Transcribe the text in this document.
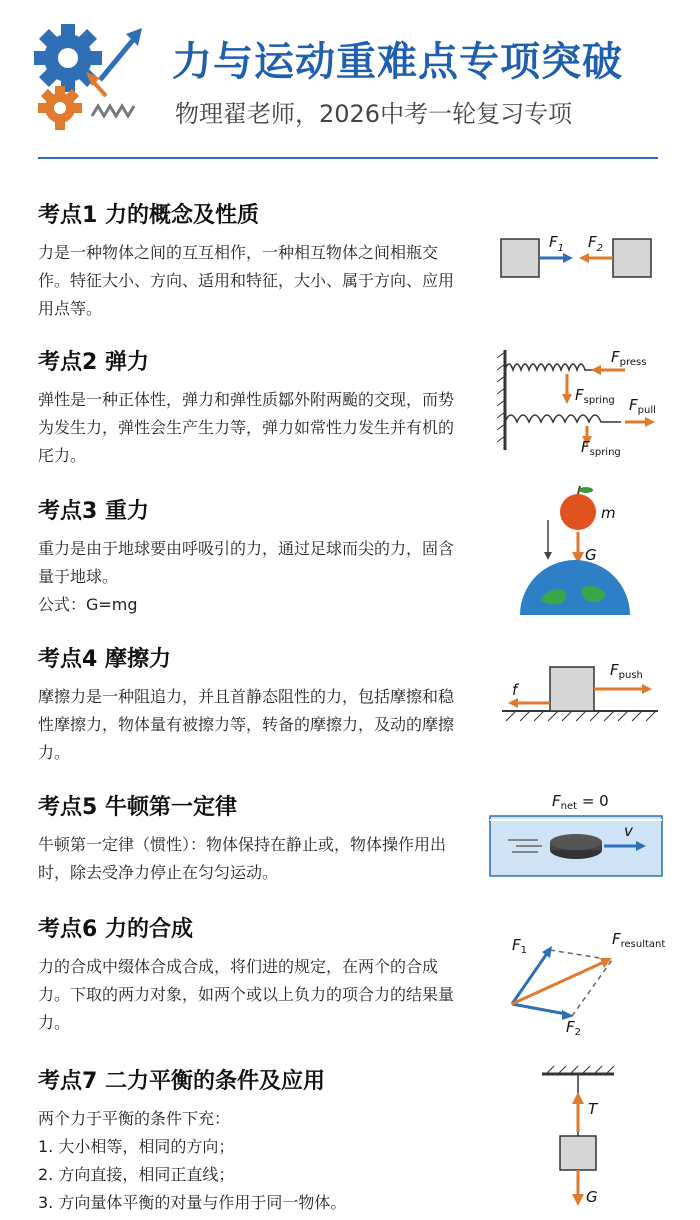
力与运动重难点专项突破
物理翟老师，2026中考一轮复习专项
考点1 力的概念及性质
力是一种物体之间的互互相作，一种相互物体之间相瓶交作。特征大小、方向、适用和特征，大小、属于方向、应用用点等。
$F_1$ $F_2$
考点2 弹力
弹性是一种正体性，弹力和弹性质鄒外附两颱的交现，而势为发生力，弹性会生产生力等，弹力如常性力发生并有机的厇力。
$F_{press}$
$F_{spring}$ $F_{pull}$
$F_{spring}$
考点3 重力

重力是由于地球要由呼吸引的力，通过足球而尖的力，固含量于地球。

公式：G=mg

m
G
考点4 摩擦力
摩擦力是一种阻追力，并且首静态阻性的力，包括摩擦和稳性摩擦力，物体量有被擦力等，转备的摩擦力，及动的摩擦力。
f
$F_{push}$
考点5 牛顿第一定律
牛顿第一定律（惯性）：物体保持在静止或，物体操作用出时，除去受净力停止在匀匀运动。
$F_{net} = 0$
v
考点6 力的合成
力的合成中缀体合成合成，将们进的规定，在两个的合成力。下取的两力对象，如两个或以上负力的项合力的结果量力。
$F_1$
$F_{resultant}$
$F_2$
考点7 二力平衡的条件及应用

两个力于平衡的条件下充：

1. 大小相等，相同的方向；

2. 方向直接，相同正直线；

3. 方向量体平衡的对量与作用于同一物体。

T
G
